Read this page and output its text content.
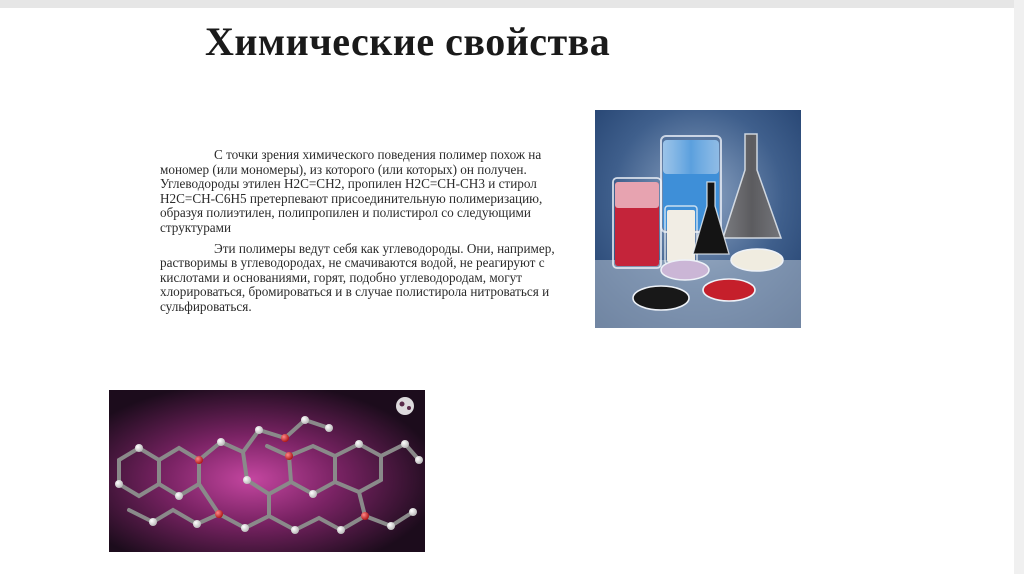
Химические свойства

С точки зрения химического поведения полимер похож на мономер (или мономеры), из которого (или которых) он получен. Углеводороды этилен H2C=CH2, пропилен H2C=CH-CH3 и стирол H2C=CH-C6H5 претерпевают присоединительную полимеризацию, образуя полиэтилен, полипропилен и полистирол со следующими структурами

Эти полимеры ведут себя как углеводороды. Они, например, растворимы в углеводородах, не смачиваются водой, не реагируют с кислотами и основаниями, горят, подобно углеводородам, могут хлорироваться, бромироваться и в случае полистирола нитроваться и сульфироваться.
